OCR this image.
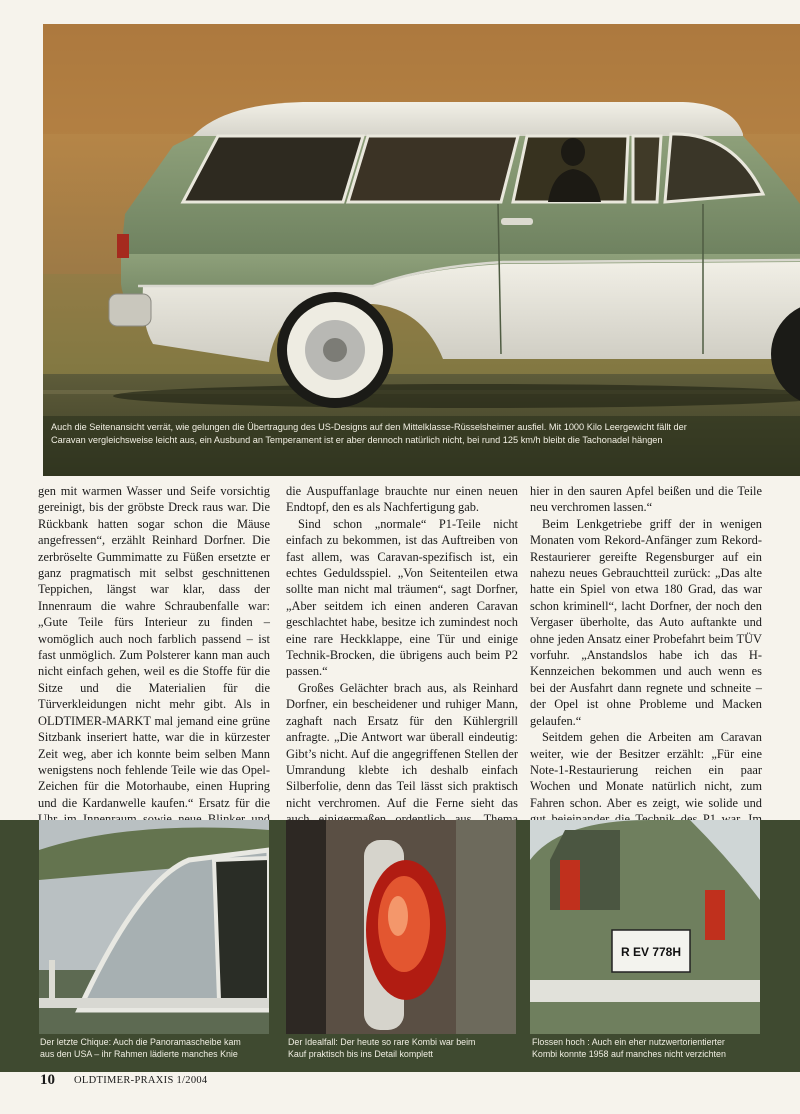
Auch die Seitenansicht verrät, wie gelungen die Übertragung des US-Designs auf den Mittelklasse-Rüsselsheimer ausfiel. Mit 1000 Kilo Leergewicht fällt der
Caravan vergleichsweise leicht aus, ein Ausbund an Temperament ist er aber dennoch natürlich nicht, bei rund 125 km/h bleibt die Tachonadel hängen

gen mit warmen Wasser und Seife vorsichtig gereinigt, bis der gröbste Dreck raus war. Die Rückbank hatten sogar schon die Mäuse angefressen“, erzählt Reinhard Dorfner. Die zerbröselte Gummimatte zu Füßen ersetzte er ganz pragmatisch mit selbst geschnittenen Teppichen, längst war klar, dass der Innenraum die wahre Schraubenfalle war: „Gute Teile fürs Interieur zu finden – womöglich auch noch farblich passend – ist fast unmöglich. Zum Polsterer kann man auch nicht einfach gehen, weil es die Stoffe für die Sitze und die Materialien für die Türverkleidungen nicht mehr gibt. Als in OLDTIMER-MARKT mal jemand eine grüne Sitzbank inseriert hatte, war die in kürzester Zeit weg, aber ich konnte beim selben Mann wenigstens noch fehlende Teile wie das Opel-Zeichen für die Motorhaube, einen Hupring und die Kardanwelle kaufen.“ Ersatz für die

die Auspuffanlage brauchte nur einen neuen Endtopf, den es als Nachfertigung gab.

Sind schon „normale“ P1-Teile nicht einfach zu bekommen, ist das Auftreiben von fast allem, was Caravan-spezifisch ist, ein echtes Geduldsspiel. „Von Seitenteilen etwa sollte man nicht mal träumen“, sagt Dorfner, „Aber seitdem ich einen anderen Caravan geschlachtet habe, besitze ich zumindest noch eine rare Heckklappe, eine Tür und einige Technik-Brocken, die übrigens auch beim P2 passen.“

Großes Gelächter brach aus, als Reinhard Dorfner, ein bescheidener und ruhiger Mann, zaghaft nach Ersatz für den Kühlergrill anfragte. „Die Antwort war überall eindeutig: Gibt’s nicht. Auf die angegriffenen Stellen der Umrandung klebte ich deshalb einfach Silberfolie, denn das Teil lässt sich praktisch nicht verchromen. Auf die Ferne sieht das

hier in den sauren Apfel beißen und die Teile neu verchromen lassen.“

Beim Lenkgetriebe griff der in wenigen Monaten vom Rekord-Anfänger zum Rekord-Restaurierer gereifte Regensburger auf ein nahezu neues Gebrauchtteil zurück: „Das alte hatte ein Spiel von etwa 180 Grad, das war schon kriminell“, lacht Dorfner, der noch den Vergaser überholte, das Auto auftankte und ohne jeden Ansatz einer Probefahrt beim TÜV vorfuhr. „Anstandslos habe ich das H-Kennzeichen bekommen und auch wenn es bei der Ausfahrt dann regnete und schneite – der Opel ist ohne Probleme und Macken gelaufen.“

Seitdem gehen die Arbeiten am Caravan weiter, wie der Besitzer erzählt: „Für eine Note-1-Restaurierung reichen ein paar Wochen und Monate natürlich nicht, zum Fahren schon. Aber es zeigt, wie solide und

R EV 778H
Der letzte Chique: Auch die Panoramascheibe kam
aus den USA – ihr Rahmen lädierte manches Knie
Der Idealfall: Der heute so rare Kombi war beim
Kauf praktisch bis ins Detail komplett
Flossen hoch : Auch ein eher nutzwertorientierter
Kombi konnte 1958 auf manches nicht verzichten
10 OLDTIMER-PRAXIS 1/2004
